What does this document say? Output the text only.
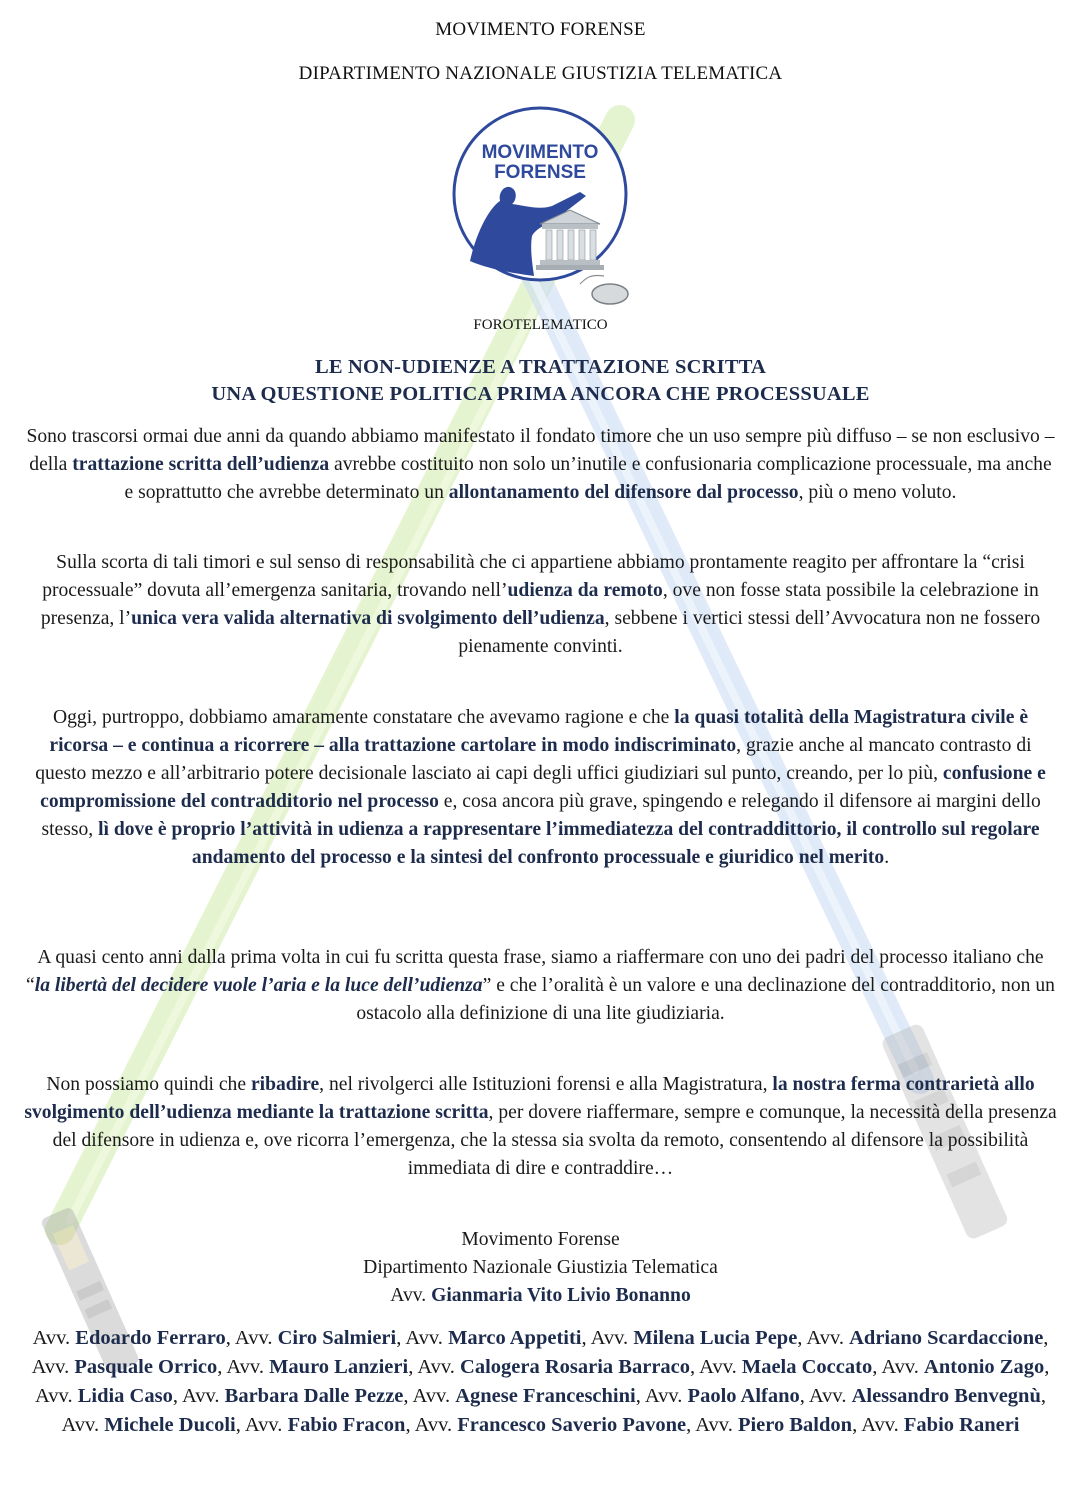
MOVIMENTO FORENSE
DIPARTIMENTO NAZIONALE GIUSTIZIA TELEMATICA
MOVIMENTO
FORENSE
FOROTELEMATICO
LE NON-UDIENZE A TRATTAZIONE SCRITTA
UNA QUESTIONE POLITICA PRIMA ANCORA CHE PROCESSUALE
Sono trascorsi ormai due anni da quando abbiamo manifestato il fondato timore che un uso sempre più diffuso – se non esclusivo – della trattazione scritta dell’udienza avrebbe costituito non solo un’inutile e confusionaria complicazione processuale, ma anche e soprattutto che avrebbe determinato un allontanamento del difensore dal processo, più o meno voluto.
Sulla scorta di tali timori e sul senso di responsabilità che ci appartiene abbiamo prontamente reagito per affrontare la “crisi processuale” dovuta all’emergenza sanitaria, trovando nell’udienza da remoto, ove non fosse stata possibile la celebrazione in presenza, l’unica vera valida alternativa di svolgimento dell’udienza, sebbene i vertici stessi dell’Avvocatura non ne fossero pienamente convinti.
Oggi, purtroppo, dobbiamo amaramente constatare che avevamo ragione e che la quasi totalità della Magistratura civile è ricorsa – e continua a ricorrere – alla trattazione cartolare in modo indiscriminato, grazie anche al mancato contrasto di questo mezzo e all’arbitrario potere decisionale lasciato ai capi degli uffici giudiziari sul punto, creando, per lo più, confusione e compromissione del contradditorio nel processo e, cosa ancora più grave, spingendo e relegando il difensore ai margini dello stesso, lì dove è proprio l’attività in udienza a rappresentare l’immediatezza del contraddittorio, il controllo sul regolare andamento del processo e la sintesi del confronto processuale e giuridico nel merito.
A quasi cento anni dalla prima volta in cui fu scritta questa frase, siamo a riaffermare con uno dei padri del processo italiano che “la libertà del decidere vuole l’aria e la luce dell’udienza” e che l’oralità è un valore e una declinazione del contradditorio, non un ostacolo alla definizione di una lite giudiziaria.
Non possiamo quindi che ribadire, nel rivolgerci alle Istituzioni forensi e alla Magistratura, la nostra ferma contrarietà allo svolgimento dell’udienza mediante la trattazione scritta, per dovere riaffermare, sempre e comunque, la necessità della presenza del difensore in udienza e, ove ricorra l’emergenza, che la stessa sia svolta da remoto, consentendo al difensore la possibilità immediata di dire e contraddire…
Movimento Forense
Dipartimento Nazionale Giustizia Telematica
Avv. Gianmaria Vito Livio Bonanno
Avv. Edoardo Ferraro, Avv. Ciro Salmieri, Avv. Marco Appetiti, Avv. Milena Lucia Pepe, Avv. Adriano Scardaccione, Avv. Pasquale Orrico, Avv. Mauro Lanzieri, Avv. Calogera Rosaria Barraco, Avv. Maela Coccato, Avv. Antonio Zago, Avv. Lidia Caso, Avv. Barbara Dalle Pezze, Avv. Agnese Franceschini, Avv. Paolo Alfano, Avv. Alessandro Benvegnù, Avv. Michele Ducoli, Avv. Fabio Fracon, Avv. Francesco Saverio Pavone, Avv. Piero Baldon, Avv. Fabio Raneri
